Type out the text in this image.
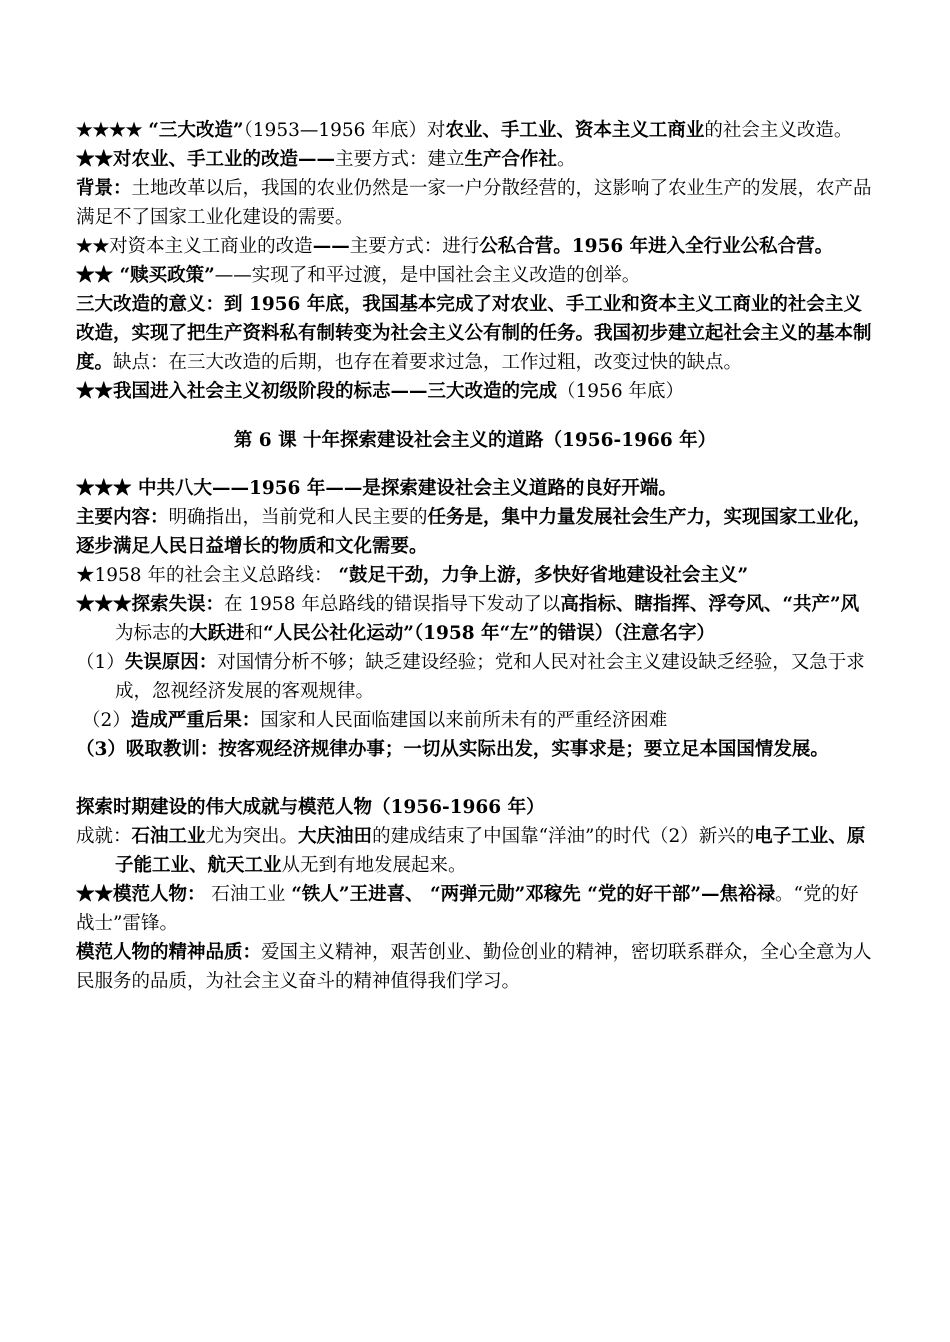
★★★★ “三大改造”（1953—1956 年底）对农业、手工业、资本主义工商业的社会主义改造。

★★对农业、手工业的改造——主要方式：建立生产合作社。

背景：土地改革以后，我国的农业仍然是一家一户分散经营的，这影响了农业生产的发展，农产品满足不了国家工业化建设的需要。

★★对资本主义工商业的改造——主要方式：进行公私合营。1956 年进入全行业公私合营。

★★ “赎买政策”——实现了和平过渡，是中国社会主义改造的创举。

三大改造的意义：到 1956 年底，我国基本完成了对农业、手工业和资本主义工商业的社会主义改造，实现了把生产资料私有制转变为社会主义公有制的任务。我国初步建立起社会主义的基本制度。缺点：在三大改造的后期，也存在着要求过急，工作过粗，改变过快的缺点。

★★我国进入社会主义初级阶段的标志——三大改造的完成（1956 年底）

第 6 课 十年探索建设社会主义的道路（1956-1966 年）

★★★ 中共八大——1956 年——是探索建设社会主义道路的良好开端。

主要内容：明确指出，当前党和人民主要的任务是，集中力量发展社会生产力，实现国家工业化，逐步满足人民日益增长的物质和文化需要。

★1958 年的社会主义总路线： “鼓足干劲，力争上游，多快好省地建设社会主义”

★★★探索失误：在 1958 年总路线的错误指导下发动了以高指标、瞎指挥、浮夸风、“共产”风为标志的大跃进和“人民公社化运动”（1958 年“左”的错误）（注意名字）

（1）失误原因：对国情分析不够；缺乏建设经验；党和人民对社会主义建设缺乏经验，又急于求成，忽视经济发展的客观规律。

（2）造成严重后果：国家和人民面临建国以来前所未有的严重经济困难

（3）吸取教训：按客观经济规律办事；一切从实际出发，实事求是；要立足本国国情发展。

探索时期建设的伟大成就与模范人物（1956-1966 年）

成就：石油工业尤为突出。大庆油田的建成结束了中国靠“洋油”的时代（2）新兴的电子工业、原子能工业、航天工业从无到有地发展起来。

★★模范人物： 石油工业 “铁人”王进喜、 “两弹元勋”邓稼先 “党的好干部”—焦裕禄。“党的好战士”雷锋。

模范人物的精神品质：爱国主义精神，艰苦创业、勤俭创业的精神，密切联系群众，全心全意为人民服务的品质，为社会主义奋斗的精神值得我们学习。
